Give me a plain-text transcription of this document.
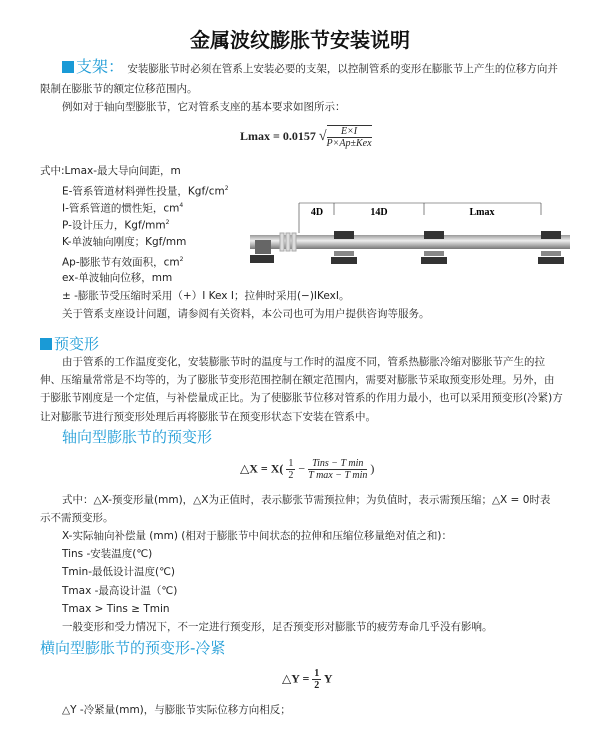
金属波纹膨胀节安装说明
支架： 安装膨胀节时必须在管系上安装必要的支架，以控制管系的变形在膨胀节上产生的位移方向并
限制在膨胀节的额定位移范围内。
例如对于轴向型膨胀节，它对管系支座的基本要求如图所示：
Lmax = 0.0157 √ $\frac{E\times I}{\text{P×Ap±Kex}}$
式中:Lmax-最大导向间距，m
E-管系管道材料弹性投量，Kgf/$cm^2$
I-管系管道的惯性矩，$cm^4$
P-设计压力，Kgf/$mm^2$
K-单波轴向刚度；Kgf/mm
Ap-膨胀节有效面积，$cm^2$
ex-单波轴向位移，mm
± -膨胀节受压缩时采用（+）I Kex I；拉伸时采用(−)IKexI。
关于管系支座设计问题，请参阅有关资料，本公司也可为用户提供咨询等服务。
4D	14D	Lmax
预变形
由于管系的工作温度变化，安装膨胀节时的温度与工作时的温度不同，管系热膨胀冷缩对膨胀节产生的拉
伸、压缩量常常是不均等的，为了膨胀节变形范围控制在额定范围内，需要对膨胀节采取预变形处理。另外，由
于膨胀节刚度是一个定值，与补偿量成正比。为了使膨胀节位移对管系的作用力最小，也可以采用预变形(冷紧)方
让对膨胀节进行预变形处理后再将膨胀节在预变形状态下安装在管系中。
轴向型膨胀节的预变形
△X = $X( \frac{1}{2} - \frac{\text{Tins − T min}}{\text{T max − T min}}$ )
式中：△X-预变形量(mm)，△X为正值时，表示膨张节需预拉伸；为负值时，表示需预压缩；△X = 0时表
示不需预变形。
X-实际轴向补偿量 (mm) (相对于膨胀节中间状态的拉伸和压缩位移量绝对值之和)：
Tins -安装温度(℃)
Tmin-最低设计温度(℃)
Tmax -最高设计温（℃)
Tmax > Tins ≥ Tmin
一般变形和受力情况下，不一定进行预变形，足否预变形对膨胀节的疲劳寿命几乎没有影响。
横向型膨胀节的预变形-冷紧
△Y = $\frac{1}{2}$ Y
△Y -冷紧量(mm)，与膨胀节实际位移方向相反；
